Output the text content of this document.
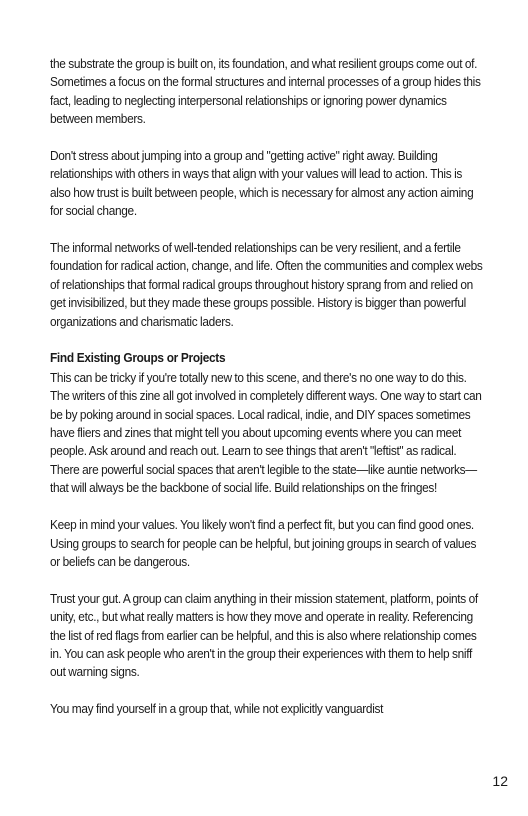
the substrate the group is built on, its foundation, and what resilient groups come out of. Sometimes a focus on the formal structures and internal processes of a group hides this fact, leading to neglecting interpersonal relationships or ignoring power dynamics between members.

Don't stress about jumping into a group and "getting active" right away. Building relationships with others in ways that align with your values will lead to action. This is also how trust is built between people, which is necessary for almost any action aiming for social change.

The informal networks of well-tended relationships can be very resilient, and a fertile foundation for radical action, change, and life. Often the communities and complex webs of relationships that formal radical groups throughout history sprang from and relied on get invisibilized, but they made these groups possible. History is bigger than powerful organizations and charismatic laders.

Find Existing Groups or Projects

This can be tricky if you're totally new to this scene, and there's no one way to do this. The writers of this zine all got involved in completely different ways. One way to start can be by poking around in social spaces. Local radical, indie, and DIY spaces sometimes have fliers and zines that might tell you about upcoming events where you can meet people. Ask around and reach out. Learn to see things that aren't "leftist" as radical. There are powerful social spaces that aren't legible to the state—like auntie networks—that will always be the backbone of social life. Build relationships on the fringes!

Keep in mind your values. You likely won't find a perfect fit, but you can find good ones. Using groups to search for people can be helpful, but joining groups in search of values or beliefs can be dangerous.

Trust your gut. A group can claim anything in their mission statement, platform, points of unity, etc., but what really matters is how they move and operate in reality. Referencing the list of red flags from earlier can be helpful, and this is also where relationship comes in. You can ask people who aren't in the group their experiences with them to help sniff out warning signs.

You may find yourself in a group that, while not explicitly vanguardist

12
